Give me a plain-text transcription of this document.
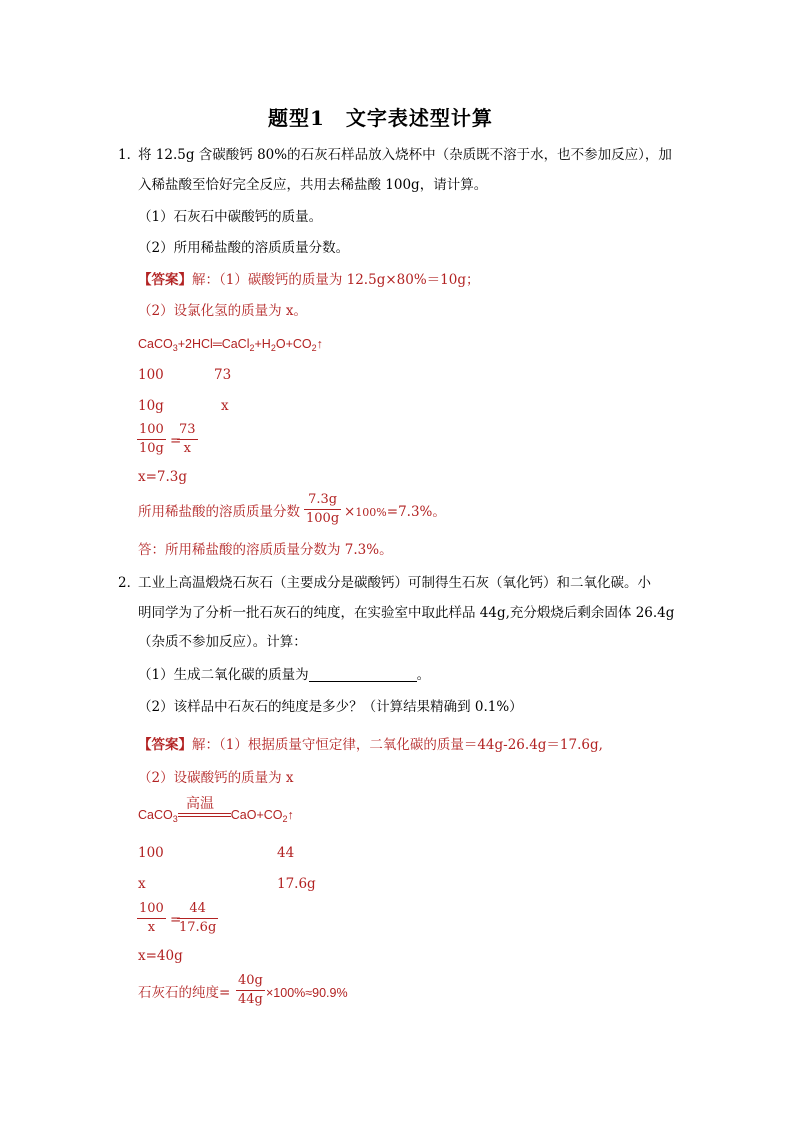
题型1　文字表述型计算
1．
将 12.5g 含碳酸钙 80%的石灰石样品放入烧杯中（杂质既不溶于水，也不参加反应），加
入稀盐酸至恰好完全反应，共用去稀盐酸 100g，请计算。
（1）石灰石中碳酸钙的质量。
（2）所用稀盐酸的溶质质量分数。
【答案】解：（1）碳酸钙的质量为 12.5g×80%＝10g；
（2）设氯化氢的质量为 x。
$CaCO_3+2HCl═CaCl_2+H_2O+CO_2↑$
100	73
10g	x
100
10g =
73
x
x=7.3g
所用稀盐酸的溶质质量分数
7.3g
100g ×100%=7.3%。
答：所用稀盐酸的溶质质量分数为 7.3%。
2．
工业上高温煅烧石灰石（主要成分是碳酸钙）可制得生石灰（氧化钙）和二氧化碳。小
明同学为了分析一批石灰石的纯度，在实验室中取此样品 44g,充分煅烧后剩余固体 26.4g
（杂质不参加反应）。计算：
（1）生成二氧化碳的质量为	。
（2）该样品中石灰石的纯度是多少？（计算结果精确到 0.1%）
【答案】解：（1）根据质量守恒定律，二氧化碳的质量＝44g-26.4g＝17.6g,
（2）设碳酸钙的质量为 x
高温
CaCO$_3$	$CaO+CO_2↑$
100	44
x	17.6g
100
x =
44
17.6g
x=40g
石灰石的纯度=
40g
44g ×100%≈90.9%
